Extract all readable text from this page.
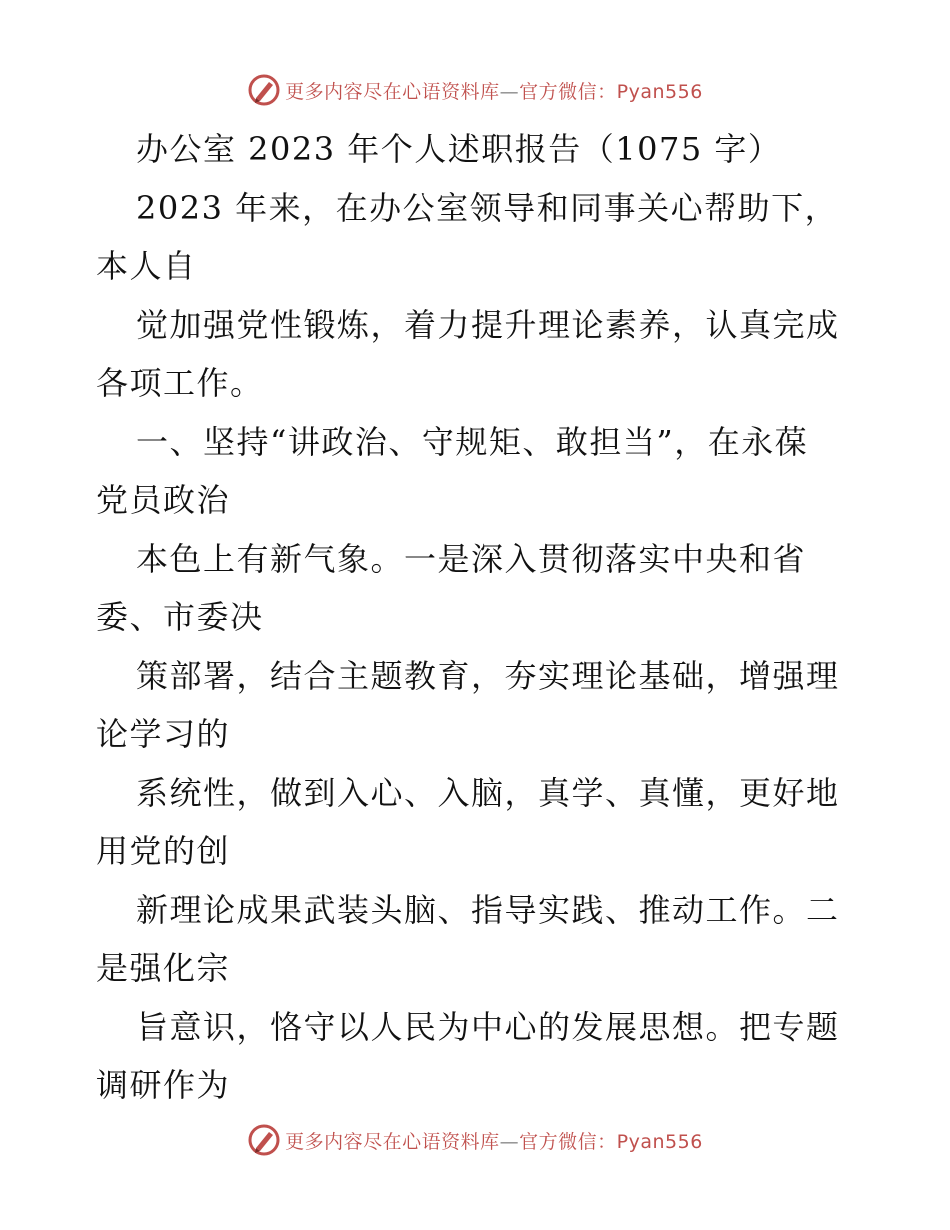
更多内容尽在心语资料库—官方微信：Pyan556
办公室 2023 年个人述职报告（1075 字）
2023 年来，在办公室领导和同事关心帮助下，
本人自
觉加强党性锻炼，着力提升理论素养，认真完成
各项工作。
一、坚持“讲政治、守规矩、敢担当”，在永葆
党员政治
本色上有新气象。一是深入贯彻落实中央和省
委、市委决
策部署，结合主题教育，夯实理论基础，增强理
论学习的
系统性，做到入心、入脑，真学、真懂，更好地
用党的创
新理论成果武装头脑、指导实践、推动工作。二
是强化宗
旨意识，恪守以人民为中心的发展思想。把专题
调研作为
更多内容尽在心语资料库—官方微信：Pyan556
